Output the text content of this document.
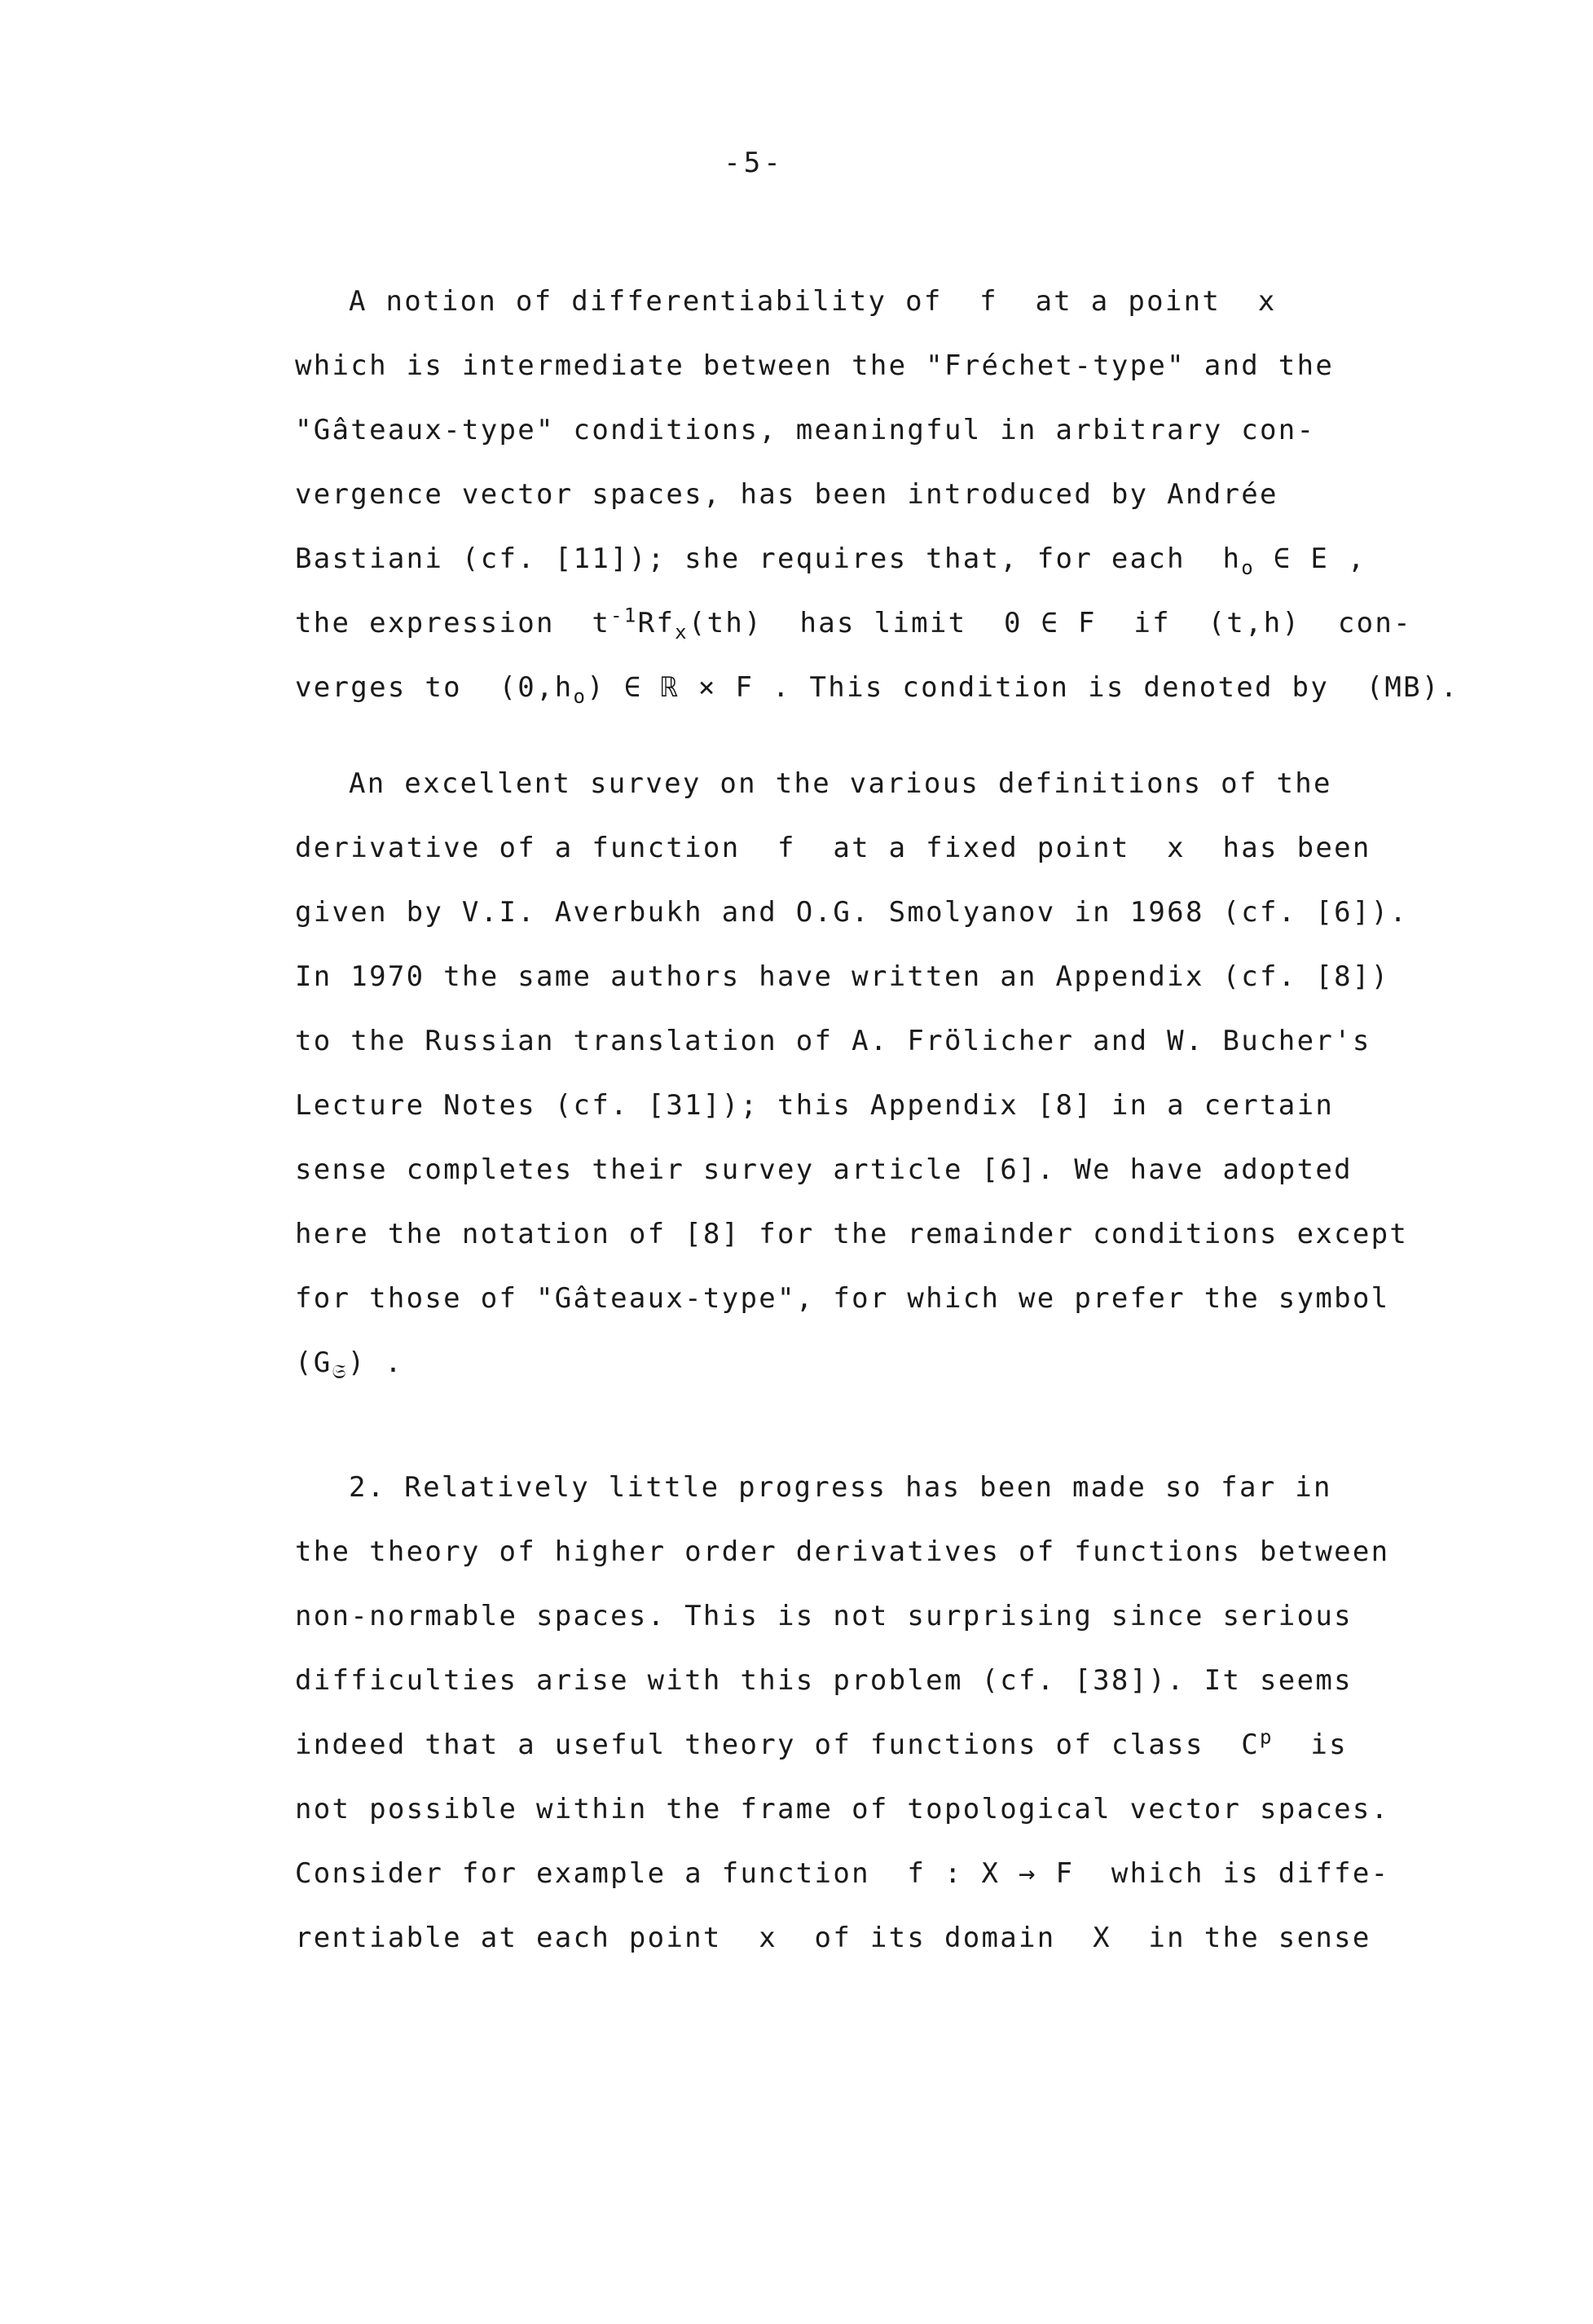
-5-
A notion of differentiability of  f  at a point  x
which is intermediate between the "Fréchet-type" and the
"Gâteaux-type" conditions, meaningful in arbitrary con-
vergence vector spaces, has been introduced by Andrée
Bastiani (cf. [11]); she requires that, for each  $h_o$ ∈ E ,
the expression  $t^{-1}Rf_x(th)$  has limit  0 ∈ F  if  (t,h)  con-
verges to  $(0,h_o)$ ∈ ℝ × F . This condition is denoted by  (MB).
An excellent survey on the various definitions of the
derivative of a function  f  at a fixed point  x  has been
given by V.I. Averbukh and O.G. Smolyanov in 1968 (cf. [6]).
In 1970 the same authors have written an Appendix (cf. [8])
to the Russian translation of A. Frölicher and W. Bucher's
Lecture Notes (cf. [31]); this Appendix [8] in a certain
sense completes their survey article [6]. We have adopted
here the notation of [8] for the remainder conditions except
for those of "Gâteaux-type", for which we prefer the symbol
$(G_𝔖)$ .
2. Relatively little progress has been made so far in
the theory of higher order derivatives of functions between
non-normable spaces. This is not surprising since serious
difficulties arise with this problem (cf. [38]). It seems
indeed that a useful theory of functions of class  $C^p$  is
not possible within the frame of topological vector spaces.
Consider for example a function  f : X → F  which is diffe-
rentiable at each point  x  of its domain  X  in the sense
